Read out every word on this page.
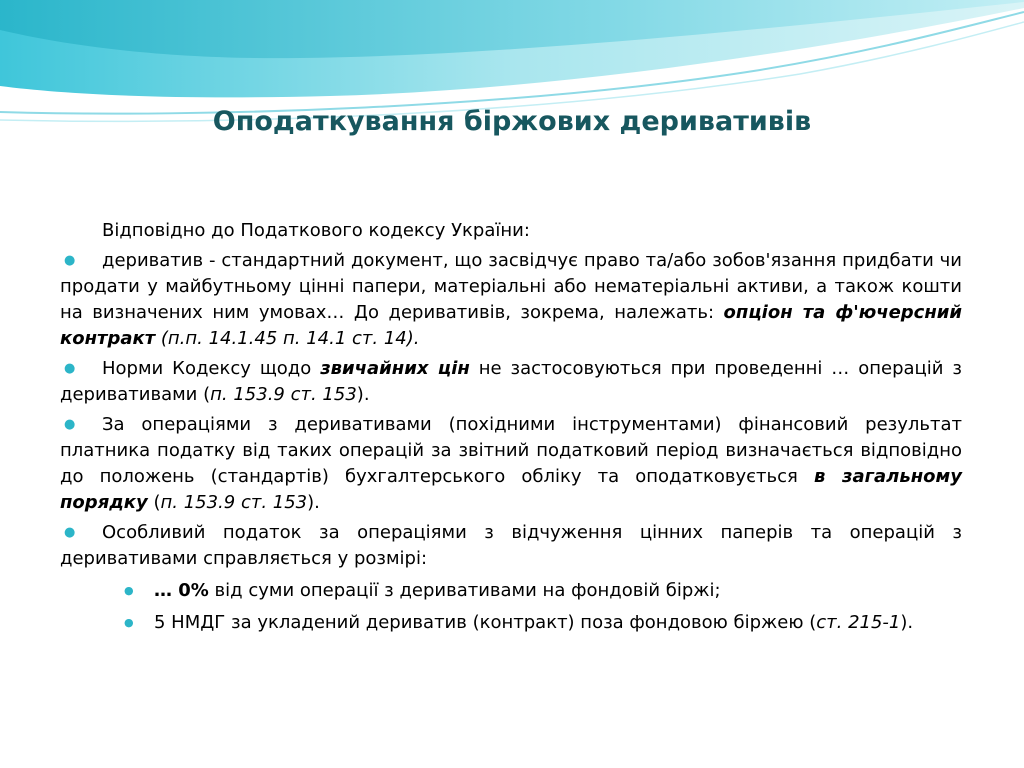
Оподаткування біржових деривативів
Відповідно до Податкового кодексу України:
● дериватив - стандартний документ, що засвідчує право та/або зобов'язання придбати чи продати у майбутньому цінні папери, матеріальні або нематеріальні активи, а також кошти на визначених ним умовах… До деривативів, зокрема, належать: опціон та ф'ючерсний контракт (п.п. 14.1.45 п. 14.1 ст. 14).
● Норми Кодексу щодо звичайних цін не застосовуються при проведенні … операцій з деривативами (п. 153.9 ст. 153).
● За операціями з деривативами (похідними інструментами) фінансовий результат платника податку від таких операцій за звітний податковий період визначається відповідно до положень (стандартів) бухгалтерського обліку та оподатковується в загальному порядку (п. 153.9 ст. 153).
● Особливий податок за операціями з відчуження цінних паперів та операцій з деривативами справляється у розмірі:
● … 0% від суми операції з деривативами на фондовій біржі;
● 5 НМДГ за укладений дериватив (контракт) поза фондовою біржею (ст. 215-1).
